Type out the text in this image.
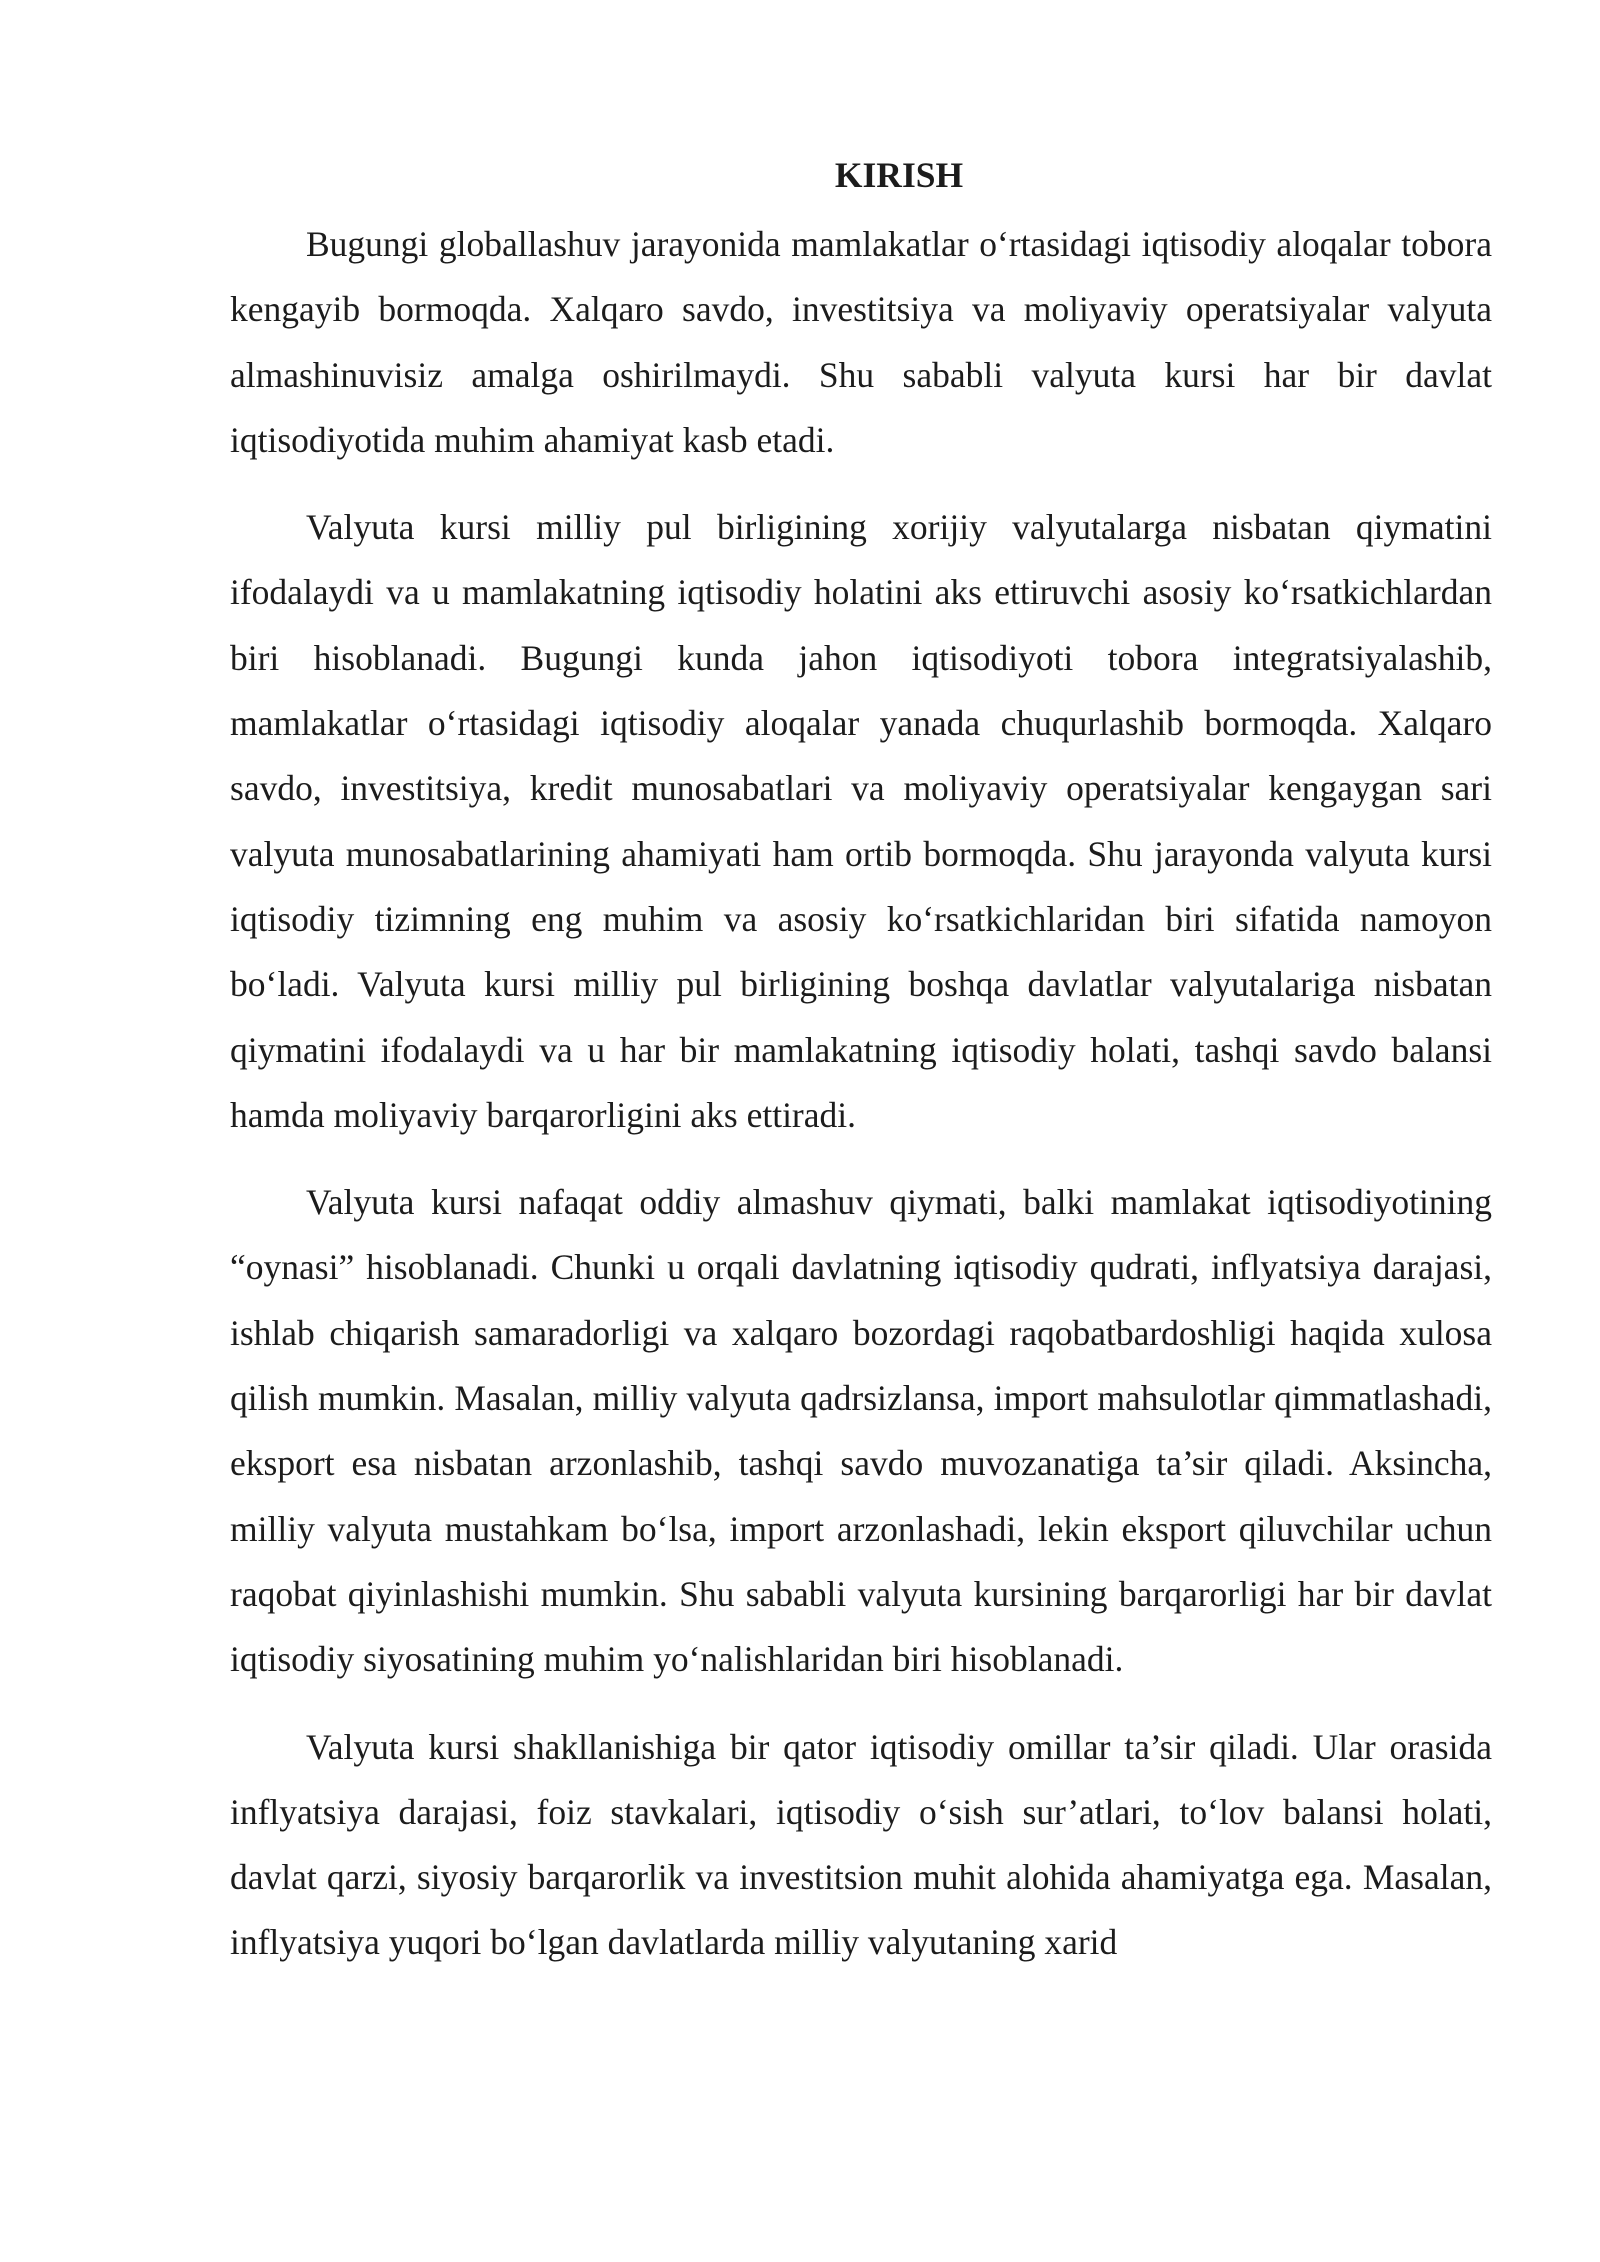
KIRISH

Bugungi globallashuv jarayonida mamlakatlar o‘rtasidagi iqtisodiy aloqalar tobora kengayib bormoqda. Xalqaro savdo, investitsiya va moliyaviy operatsiyalar valyuta almashinuvisiz amalga oshirilmaydi. Shu sababli valyuta kursi har bir davlat iqtisodiyotida muhim ahamiyat kasb etadi.

Valyuta kursi milliy pul birligining xorijiy valyutalarga nisbatan qiymatini ifodalaydi va u mamlakatning iqtisodiy holatini aks ettiruvchi asosiy ko‘rsatkichlardan biri hisoblanadi. Bugungi kunda jahon iqtisodiyoti tobora integratsiyalashib, mamlakatlar o‘rtasidagi iqtisodiy aloqalar yanada chuqurlashib bormoqda. Xalqaro savdo, investitsiya, kredit munosabatlari va moliyaviy operatsiyalar kengaygan sari valyuta munosabatlarining ahamiyati ham ortib bormoqda. Shu jarayonda valyuta kursi iqtisodiy tizimning eng muhim va asosiy ko‘rsatkichlaridan biri sifatida namoyon bo‘ladi. Valyuta kursi milliy pul birligining boshqa davlatlar valyutalariga nisbatan qiymatini ifodalaydi va u har bir mamlakatning iqtisodiy holati, tashqi savdo balansi hamda moliyaviy barqarorligini aks ettiradi.

Valyuta kursi nafaqat oddiy almashuv qiymati, balki mamlakat iqtisodiyotining “oynasi” hisoblanadi. Chunki u orqali davlatning iqtisodiy qudrati, inflyatsiya darajasi, ishlab chiqarish samaradorligi va xalqaro bozordagi raqobatbardoshligi haqida xulosa qilish mumkin. Masalan, milliy valyuta qadrsizlansa, import mahsulotlar qimmatlashadi, eksport esa nisbatan arzonlashib, tashqi savdo muvozanatiga ta’sir qiladi. Aksincha, milliy valyuta mustahkam bo‘lsa, import arzonlashadi, lekin eksport qiluvchilar uchun raqobat qiyinlashishi mumkin. Shu sababli valyuta kursining barqarorligi har bir davlat iqtisodiy siyosatining muhim yo‘nalishlaridan biri hisoblanadi.

Valyuta kursi shakllanishiga bir qator iqtisodiy omillar ta’sir qiladi. Ular orasida inflyatsiya darajasi, foiz stavkalari, iqtisodiy o‘sish sur’atlari, to‘lov balansi holati, davlat qarzi, siyosiy barqarorlik va investitsion muhit alohida ahamiyatga ega. Masalan, inflyatsiya yuqori bo‘lgan davlatlarda milliy valyutaning xarid
